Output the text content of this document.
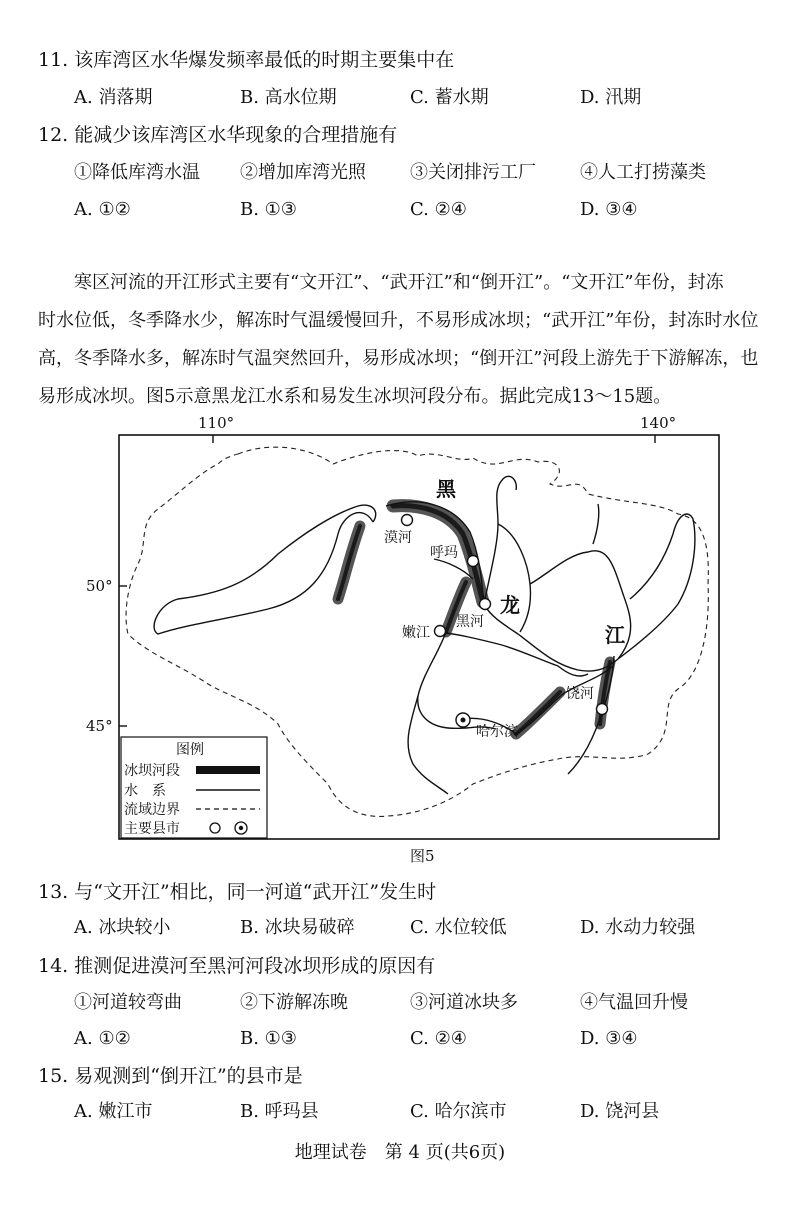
11. 该库湾区水华爆发频率最低的时期主要集中在
A. 消落期	B. 高水位期	C. 蓄水期	D. 汛期
12. 能减少该库湾区水华现象的合理措施有
①降低库湾水温 ②增加库湾光照 ③关闭排污工厂 ④人工打捞藻类
A. ①②	B. ①③	C. ②④	D. ③④

寒区河流的开江形式主要有“文开江”、“武开江”和“倒开江”。“文开江”年份，封冻

时水位低，冬季降水少，解冻时气温缓慢回升，不易形成冰坝；“武开江”年份，封冻时水位

高，冬季降水多，解冻时气温突然回升，易形成冰坝；“倒开江”河段上游先于下游解冻，也

易形成冰坝。图5示意黑龙江水系和易发生冰坝河段分布。据此完成13～15题。

黑
龙
江
漠河
呼玛
黑河
嫩江
饶河
哈尔滨
图例
冰坝河段
水　系
流域边界
主要县市
110°	140°
50°
45°
图5
13. 与“文开江”相比，同一河道“武开江”发生时
A. 冰块较小	B. 冰块易破碎	C. 水位较低	D. 水动力较强
14. 推测促进漠河至黑河河段冰坝形成的原因有
①河道较弯曲	②下游解冻晚	③河道冰块多	④气温回升慢
A. ①②	B. ①③	C. ②④	D. ③④
15. 易观测到“倒开江”的县市是
A. 嫩江市	B. 呼玛县	C. 哈尔滨市	D. 饶河县
地理试卷　第 4 页(共6页)
